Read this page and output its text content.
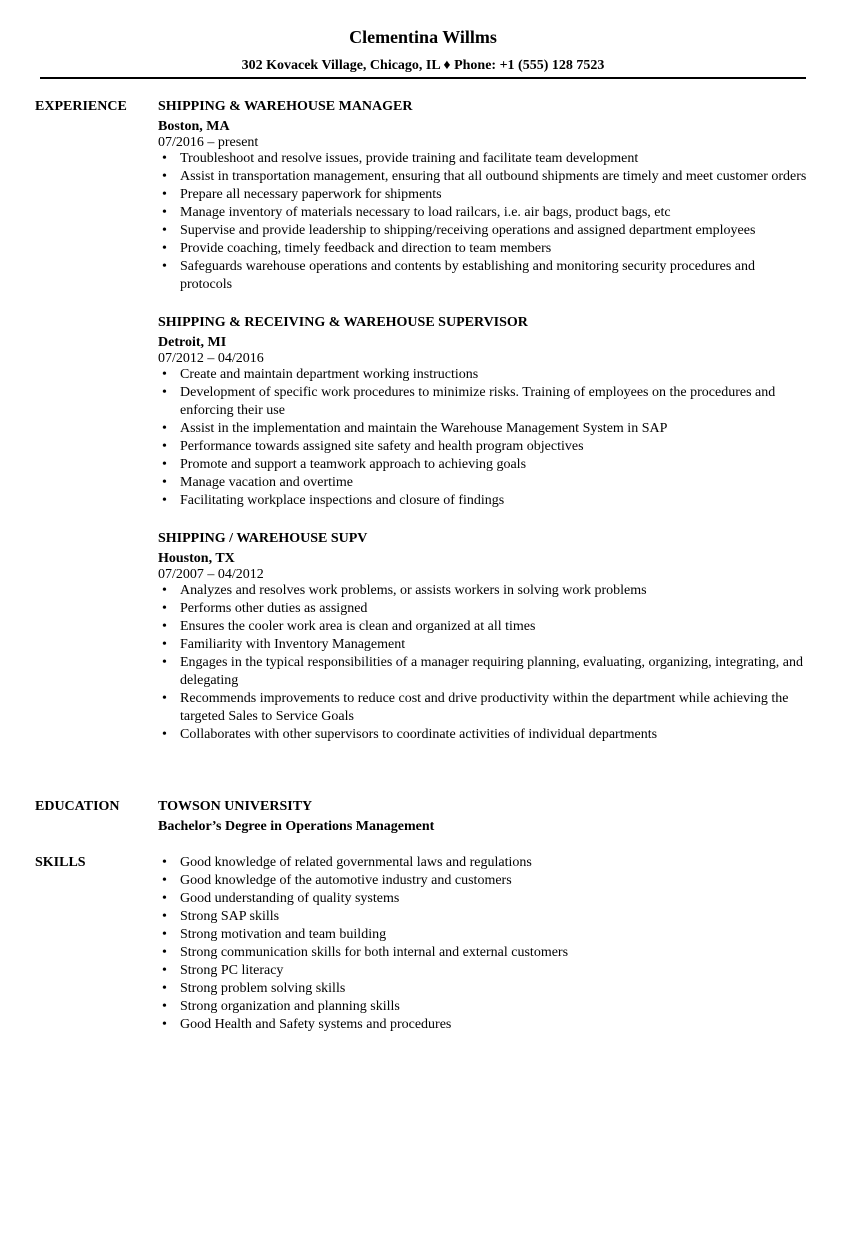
Clementina Willms
302 Kovacek Village, Chicago, IL ♦ Phone: +1 (555) 128 7523
EXPERIENCE	SHIPPING & WAREHOUSE MANAGER
Boston, MA
07/2016 – present
• Troubleshoot and resolve issues, provide training and facilitate team development
• Assist in transportation management, ensuring that all outbound shipments are timely and meet customer orders
• Prepare all necessary paperwork for shipments
• Manage inventory of materials necessary to load railcars, i.e. air bags, product bags, etc
• Supervise and provide leadership to shipping/receiving operations and assigned department employees
• Provide coaching, timely feedback and direction to team members
• Safeguards warehouse operations and contents by establishing and monitoring security procedures and protocols
SHIPPING & RECEIVING & WAREHOUSE SUPERVISOR
Detroit, MI
07/2012 – 04/2016
• Create and maintain department working instructions
• Development of specific work procedures to minimize risks. Training of employees on the procedures and enforcing their use
• Assist in the implementation and maintain the Warehouse Management System in SAP
• Performance towards assigned site safety and health program objectives
• Promote and support a teamwork approach to achieving goals
• Manage vacation and overtime
• Facilitating workplace inspections and closure of findings
SHIPPING / WAREHOUSE SUPV
Houston, TX
07/2007 – 04/2012
• Analyzes and resolves work problems, or assists workers in solving work problems
• Performs other duties as assigned
• Ensures the cooler work area is clean and organized at all times
• Familiarity with Inventory Management
• Engages in the typical responsibilities of a manager requiring planning, evaluating, organizing, integrating, and delegating
• Recommends improvements to reduce cost and drive productivity within the department while achieving the targeted Sales to Service Goals
• Collaborates with other supervisors to coordinate activities of individual departments
EDUCATION	TOWSON UNIVERSITY
Bachelor’s Degree in Operations Management
SKILLS	• Good knowledge of related governmental laws and regulations
• Good knowledge of the automotive industry and customers
• Good understanding of quality systems
• Strong SAP skills
• Strong motivation and team building
• Strong communication skills for both internal and external customers
• Strong PC literacy
• Strong problem solving skills
• Strong organization and planning skills
• Good Health and Safety systems and procedures
